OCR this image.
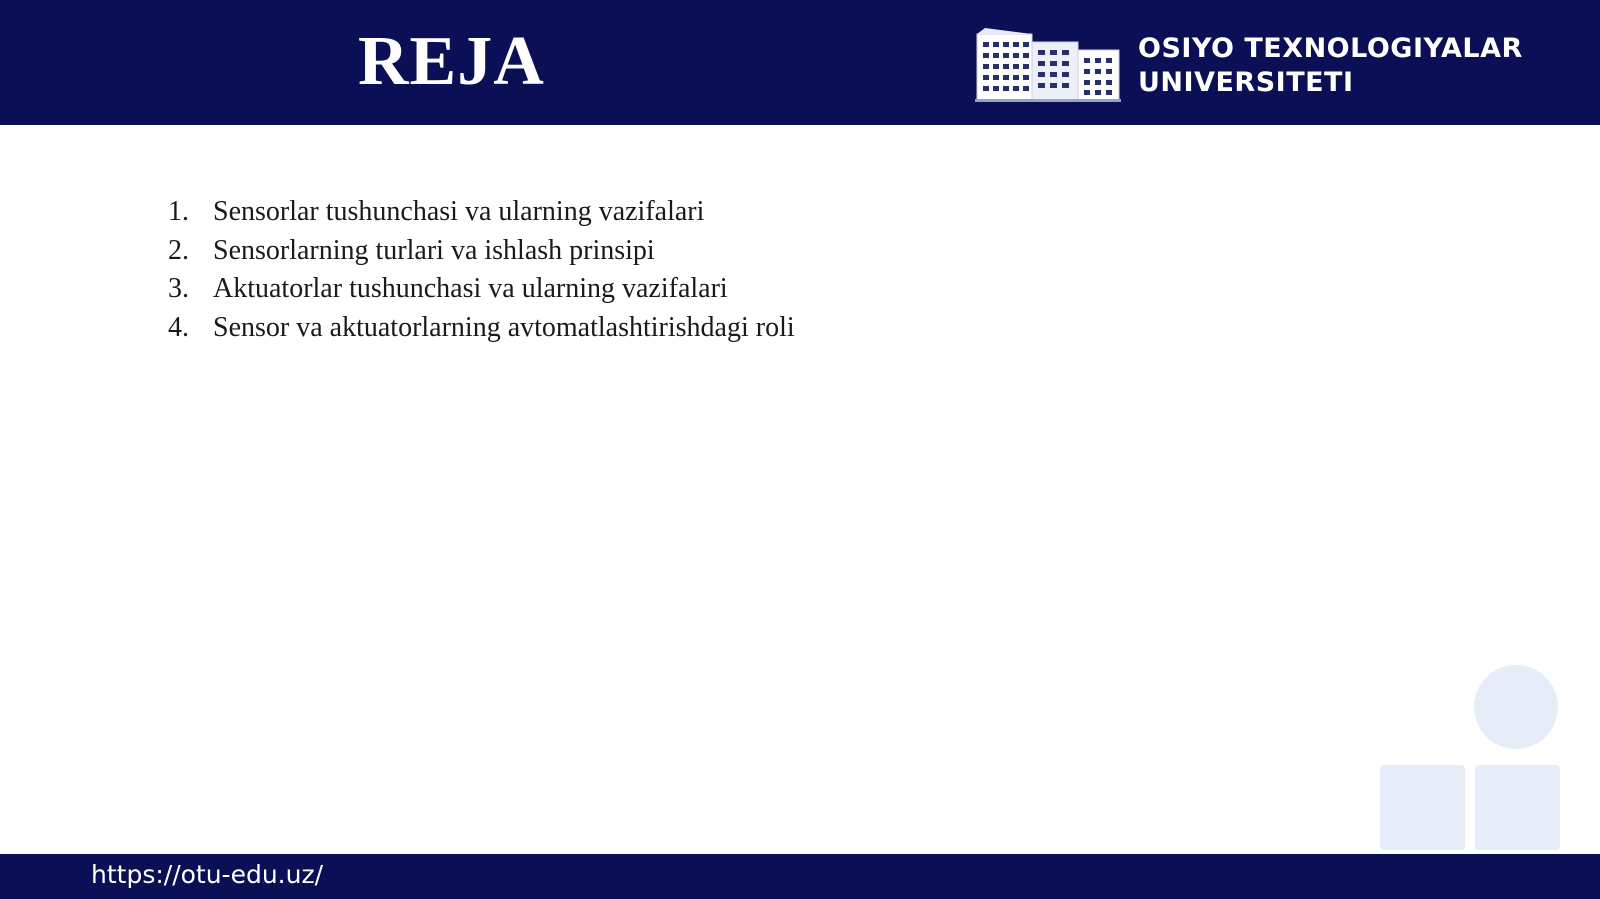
REJA	OSIYO TEXNOLOGIYALAR
UNIVERSITETI
1. Sensorlar tushunchasi va ularning vazifalari
2. Sensorlarning turlari va ishlash prinsipi
3. Aktuatorlar tushunchasi va ularning vazifalari
4. Sensor va aktuatorlarning avtomatlashtirishdagi roli
https://otu-edu.uz/
